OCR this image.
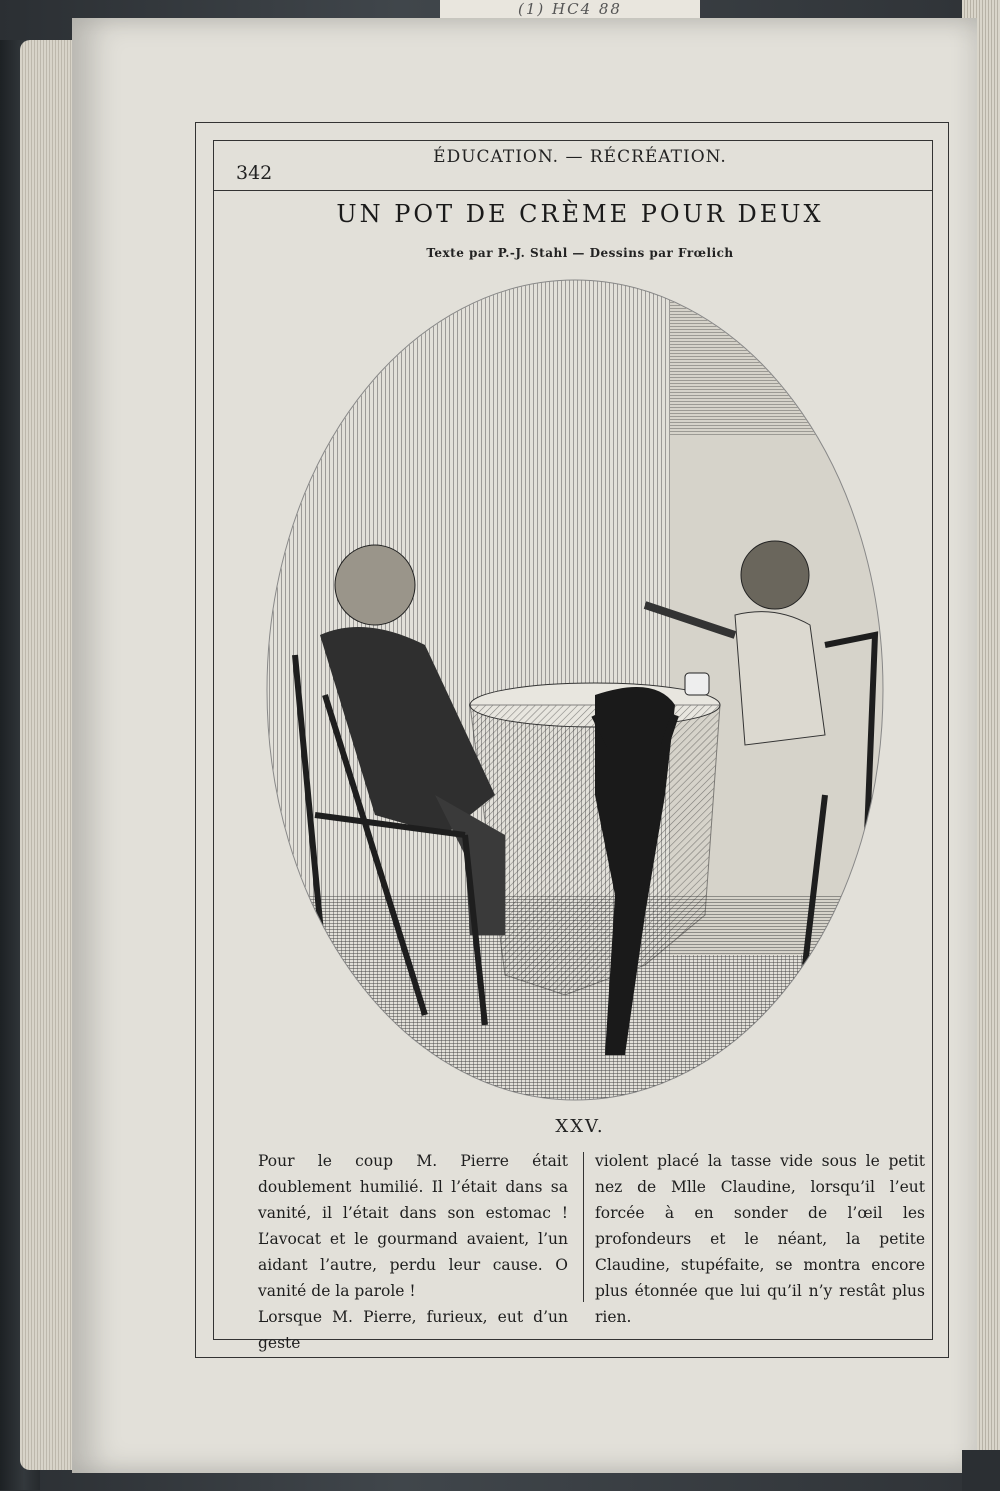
(1) HC4 88
342
ÉDUCATION. — RÉCRÉATION.
UN POT DE CRÈME POUR DEUX
Texte par P.-J. Stahl — Dessins par Frœlich
XXV.

Pour le coup M. Pierre était doublement humilié. Il l’était dans sa vanité, il l’était dans son estomac ! L’avocat et le gourmand avaient, l’un aidant l’autre, perdu leur cause. O vanité de la parole !

Lorsque M. Pierre, furieux, eut d’un geste

violent placé la tasse vide sous le petit nez de Mlle Claudine, lorsqu’il l’eut forcée à en sonder de l’œil les profondeurs et le néant, la petite Claudine, stupéfaite, se montra encore plus étonnée que lui qu’il n’y restât plus rien.
